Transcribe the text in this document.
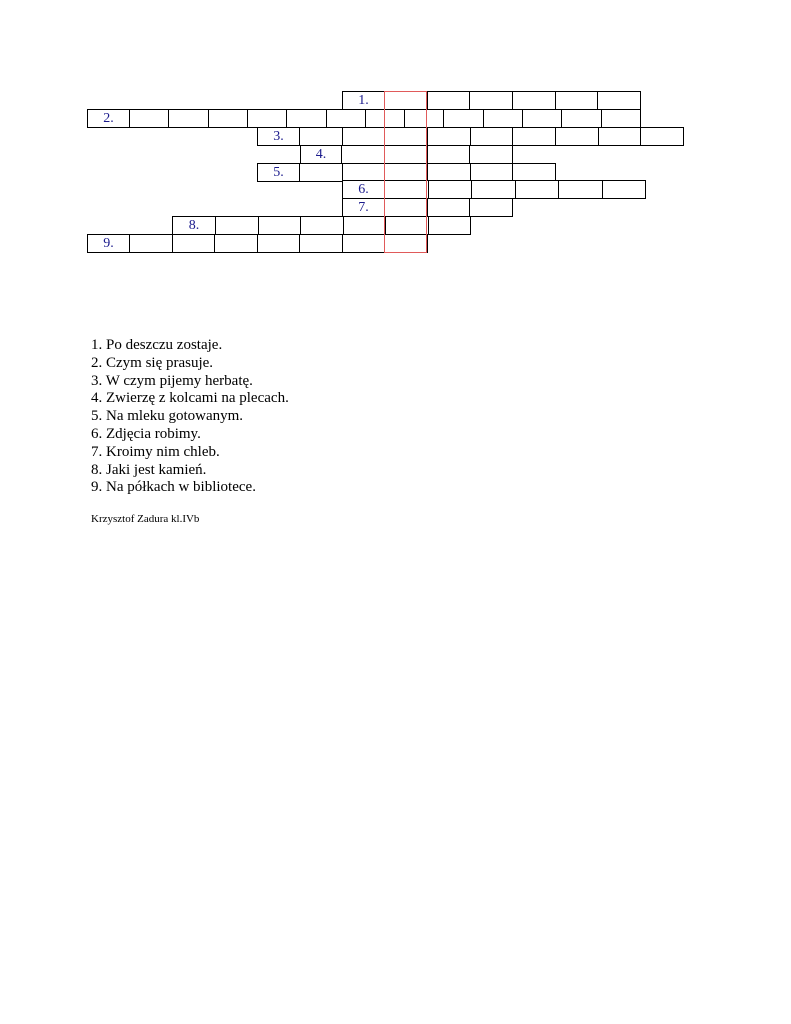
1.
2.
3.
4.
5.
6.
7.
8.
9.
1. Po deszczu zostaje.
2. Czym się prasuje.
3. W czym pijemy herbatę.
4. Zwierzę z kolcami na plecach.
5. Na mleku gotowanym.
6. Zdjęcia robimy.
7. Kroimy nim chleb.
8. Jaki jest kamień.
9. Na półkach w bibliotece.
Krzysztof Zadura kl.IVb
